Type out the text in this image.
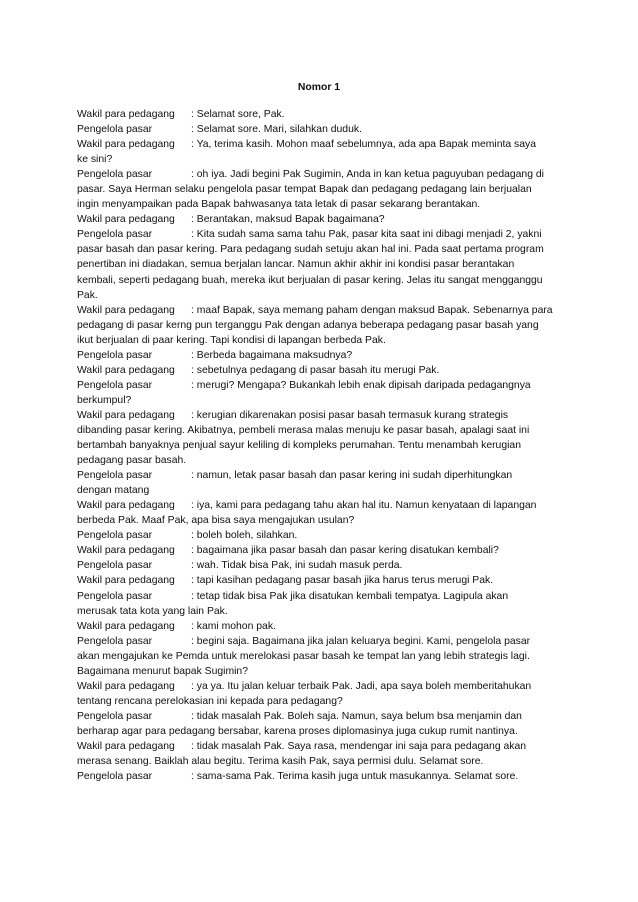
Nomor 1
Wakil para pedagang : Selamat sore, Pak.
Pengelola pasar	: Selamat sore. Mari, silahkan duduk.
Wakil para pedagang : Ya, terima kasih. Mohon maaf sebelumnya, ada apa Bapak meminta saya
ke sini?
Pengelola pasar	: oh iya. Jadi begini Pak Sugimin, Anda in kan ketua paguyuban pedagang di
pasar. Saya Herman selaku pengelola pasar tempat Bapak dan pedagang pedagang lain berjualan
ingin menyampaikan pada Bapak bahwasanya tata letak di pasar sekarang berantakan.
Wakil para pedagang : Berantakan, maksud Bapak bagaimana?
Pengelola pasar	: Kita sudah sama sama tahu Pak, pasar kita saat ini dibagi menjadi 2, yakni
pasar basah dan pasar kering. Para pedagang sudah setuju akan hal ini. Pada saat pertama program
penertiban ini diadakan, semua berjalan lancar. Namun akhir akhir ini kondisi pasar berantakan
kembali, seperti pedagang buah, mereka ikut berjualan di pasar kering. Jelas itu sangat mengganggu
Pak.
Wakil para pedagang : maaf Bapak, saya memang paham dengan maksud Bapak. Sebenarnya para
pedagang di pasar kerng pun terganggu Pak dengan adanya beberapa pedagang pasar basah yang
ikut berjualan di paar kering. Tapi kondisi di lapangan berbeda Pak.
Pengelola pasar	: Berbeda bagaimana maksudnya?
Wakil para pedagang : sebetulnya pedagang di pasar basah itu merugi Pak.
Pengelola pasar	: merugi? Mengapa? Bukankah lebih enak dipisah daripada pedagangnya
berkumpul?
Wakil para pedagang : kerugian dikarenakan posisi pasar basah termasuk kurang strategis
dibanding pasar kering. Akibatnya, pembeli merasa malas menuju ke pasar basah, apalagi saat ini
bertambah banyaknya penjual sayur keliling di kompleks perumahan. Tentu menambah kerugian
pedagang pasar basah.
Pengelola pasar	: namun, letak pasar basah dan pasar kering ini sudah diperhitungkan
dengan matang
Wakil para pedagang : iya, kami para pedagang tahu akan hal itu. Namun kenyataan di lapangan
berbeda Pak. Maaf Pak, apa bisa saya mengajukan usulan?
Pengelola pasar	: boleh boleh, silahkan.
Wakil para pedagang : bagaimana jika pasar basah dan pasar kering disatukan kembali?
Pengelola pasar	: wah. Tidak bisa Pak, ini sudah masuk perda.
Wakil para pedagang : tapi kasihan pedagang pasar basah jika harus terus merugi Pak.
Pengelola pasar	: tetap tidak bisa Pak jika disatukan kembali tempatya. Lagipula akan
merusak tata kota yang lain Pak.
Wakil para pedagang : kami mohon pak.
Pengelola pasar	: begini saja. Bagaimana jika jalan keluarya begini. Kami, pengelola pasar
akan mengajukan ke Pemda untuk merelokasi pasar basah ke tempat lan yang lebih strategis lagi.
Bagaimana menurut bapak Sugimin?
Wakil para pedagang : ya ya. Itu jalan keluar terbaik Pak. Jadi, apa saya boleh memberitahukan
tentang rencana perelokasian ini kepada para pedagang?
Pengelola pasar	: tidak masalah Pak. Boleh saja. Namun, saya belum bsa menjamin dan
berharap agar para pedagang bersabar, karena proses diplomasinya juga cukup rumit nantinya.
Wakil para pedagang : tidak masalah Pak. Saya rasa, mendengar ini saja para pedagang akan
merasa senang. Baiklah alau begitu. Terima kasih Pak, saya permisi dulu. Selamat sore.
Pengelola pasar	: sama-sama Pak. Terima kasih juga untuk masukannya. Selamat sore.
